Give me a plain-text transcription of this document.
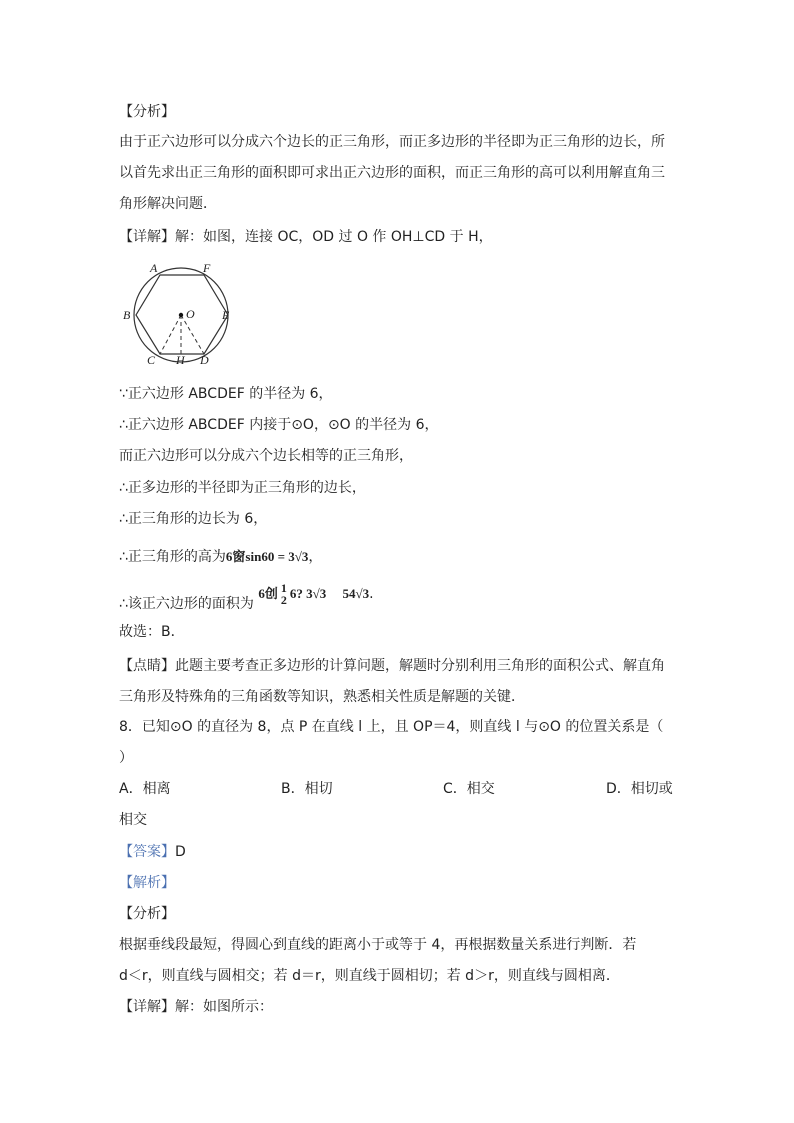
【分析】
由于正六边形可以分成六个边长的正三角形，而正多边形的半径即为正三角形的边长，所
以首先求出正三角形的面积即可求出正六边形的面积，而正三角形的高可以利用解直角三
角形解决问题．
【详解】解：如图，连接 OC，OD 过 O 作 OH⊥CD 于 H，
A	F
B	O E
C H D
∵正六边形 ABCDEF 的半径为 6，
∴正六边形 ABCDEF 内接于⊙O，⊙O 的半径为 6，
而正六边形可以分成六个边长相等的正三角形，
∴正多边形的半径即为正三角形的边长，
∴正三角形的边长为 6，
∴正三角形的高为6窗sin60 = 3√3，
∴该正六边形的面积为 6创 1
2 6? 3√3　 54√3.
故选：B．
【点睛】此题主要考查正多边形的计算问题，解题时分别利用三角形的面积公式、解直角
三角形及特殊角的三角函数等知识，熟悉相关性质是解题的关键．
8．已知⊙O 的直径为 8，点 P 在直线 l 上，且 OP＝4，则直线 l 与⊙O 的位置关系是（
）
A．相离	B．相切	C．相交	D．相切或
相交
【答案】D
【解析】
【分析】
根据垂线段最短，得圆心到直线的距离小于或等于 4，再根据数量关系进行判断．若
d＜r，则直线与圆相交；若 d＝r，则直线于圆相切；若 d＞r，则直线与圆相离．
【详解】解：如图所示：
